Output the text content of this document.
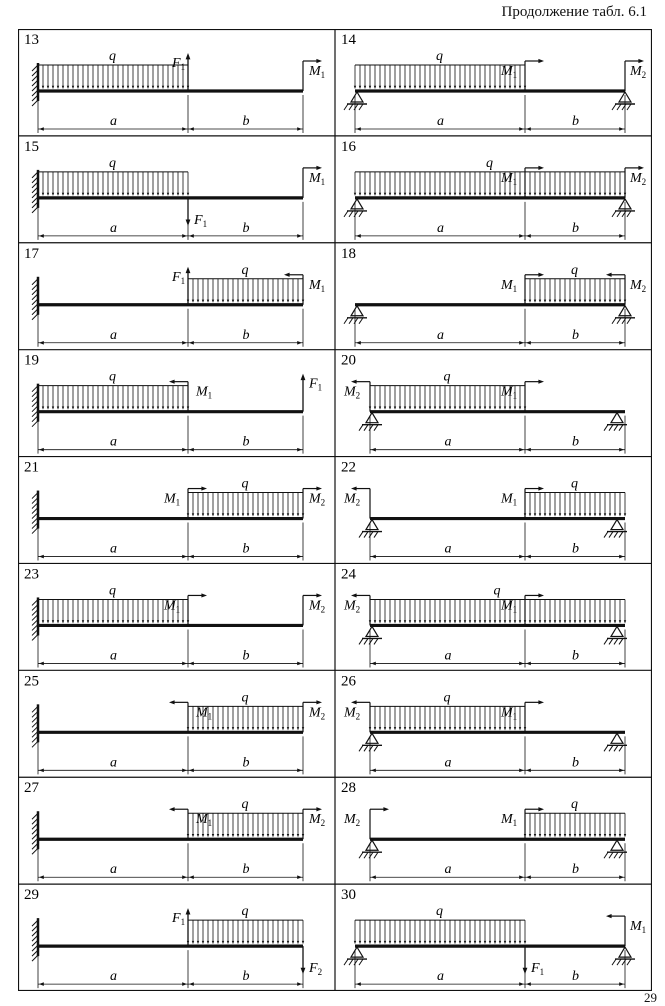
Продолжение табл. 6.1
13
q	$F_1$	$M_1$
a	b
14
q
$M_1$	$M_2$
a	b
15
q
$F_1$
$M_1$
a	b
16
q
$M_1$	$M_2$
a	b
17
q
$F_1$	$M_1$
a	b
18
q
$M_1$	$M_2$
a	b
19
q	$F_1$
$M_1$
a	b
20
q
$M_2$	$M_1$
a	b
21
q
$M_1$	$M_2$
a	b
22
q
$M_2$	$M_1$
a	b
23
q
$M_1$	$M_2$
a	b
24
q
$M_2$	$M_1$
a	b
25
q
$M_1$	$M_2$
a	b
26
q
$M_2$	$M_1$
a	b
27
q
$M_1$	$M_2$
a	b
28
q
$M_2$	$M_1$
a	b
29
q
$F_1$
$F_2$
a	b
30
q
$F_1$
$M_1$
a	b
29
